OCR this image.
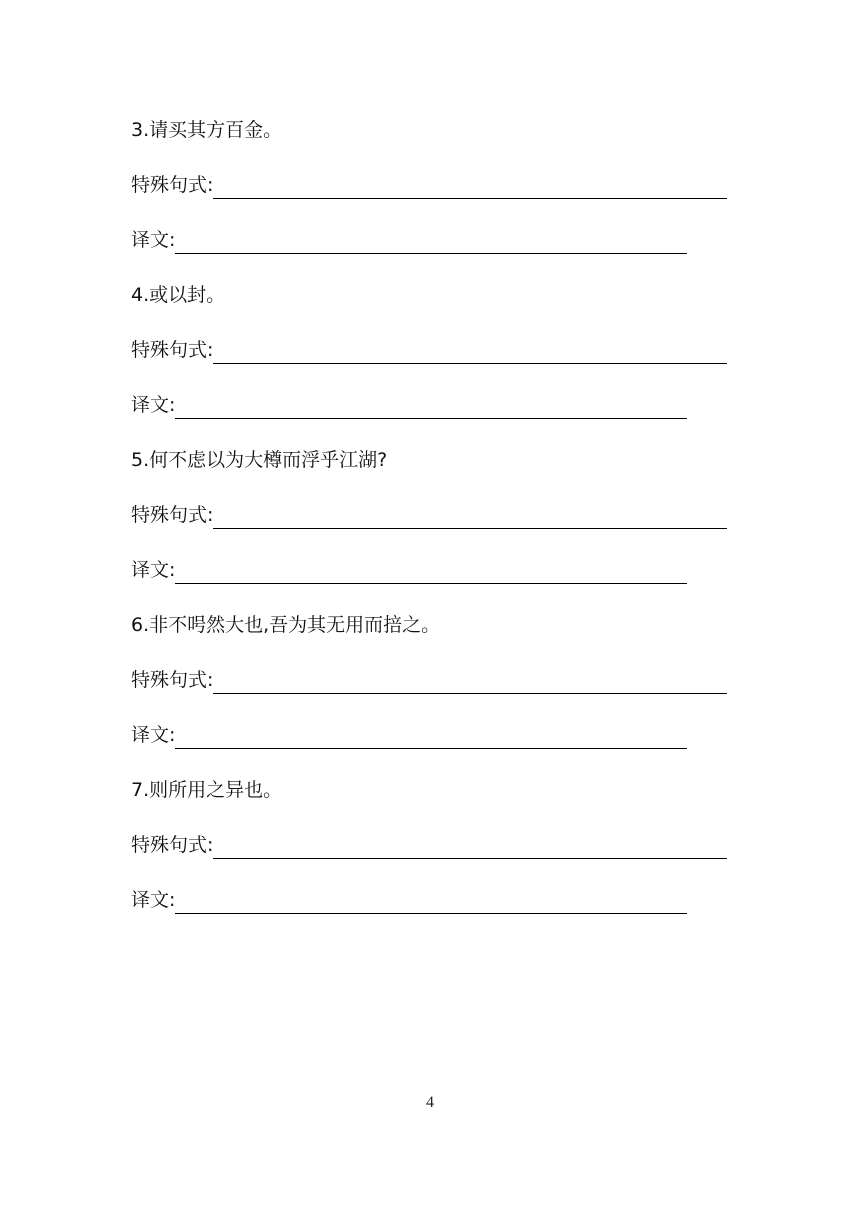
3.请买其方百金。
特殊句式:
译文:
4.或以封。
特殊句式:
译文:
5.何不虑以为大樽而浮乎江湖?
特殊句式:
译文:
6.非不呺然大也,吾为其无用而掊之。
特殊句式:
译文:
7.则所用之异也。
特殊句式:
译文:
4
